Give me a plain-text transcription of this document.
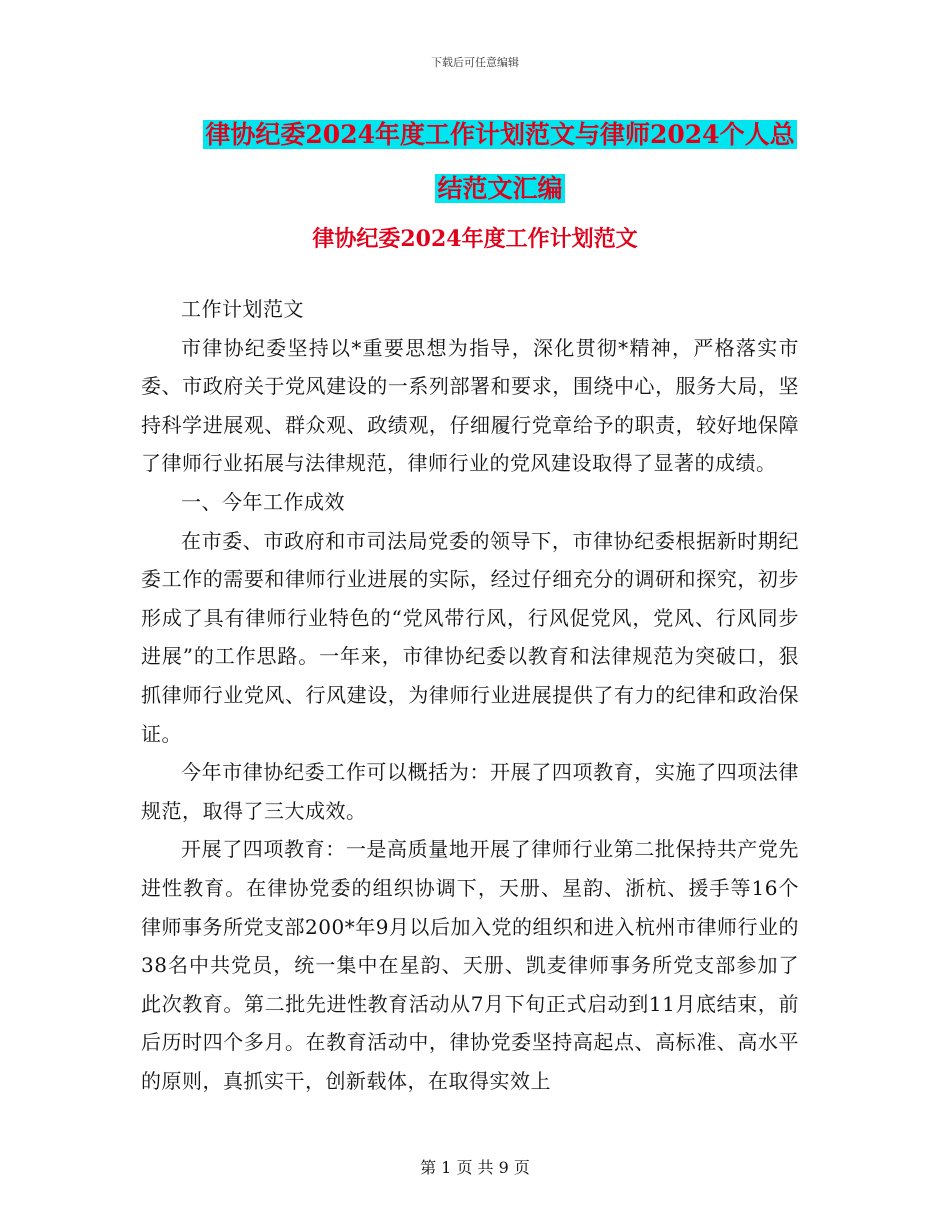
下载后可任意编辑
律协纪委2024年度工作计划范文与律师2024个人总
结范文汇编
律协纪委2024年度工作计划范文

工作计划范文

市律协纪委坚持以*重要思想为指导，深化贯彻*精神，严格落实市委、市政府关于党风建设的一系列部署和要求，围绕中心，服务大局，坚持科学进展观、群众观、政绩观，仔细履行党章给予的职责，较好地保障了律师行业拓展与法律规范，律师行业的党风建设取得了显著的成绩。

一、今年工作成效

在市委、市政府和市司法局党委的领导下，市律协纪委根据新时期纪委工作的需要和律师行业进展的实际，经过仔细充分的调研和探究，初步形成了具有律师行业特色的“党风带行风，行风促党风，党风、行风同步进展”的工作思路。一年来，市律协纪委以教育和法律规范为突破口，狠抓律师行业党风、行风建设，为律师行业进展提供了有力的纪律和政治保证。

今年市律协纪委工作可以概括为：开展了四项教育，实施了四项法律规范，取得了三大成效。

开展了四项教育：一是高质量地开展了律师行业第二批保持共产党先进性教育。在律协党委的组织协调下，天册、星韵、浙杭、援手等16个律师事务所党支部200*年9月以后加入党的组织和进入杭州市律师行业的38名中共党员，统一集中在星韵、天册、凯麦律师事务所党支部参加了此次教育。第二批先进性教育活动从7月下旬正式启动到11月底结束，前后历时四个多月。在教育活动中，律协党委坚持高起点、高标准、高水平的原则，真抓实干，创新载体，在取得实效上

第 1 页 共 9 页
